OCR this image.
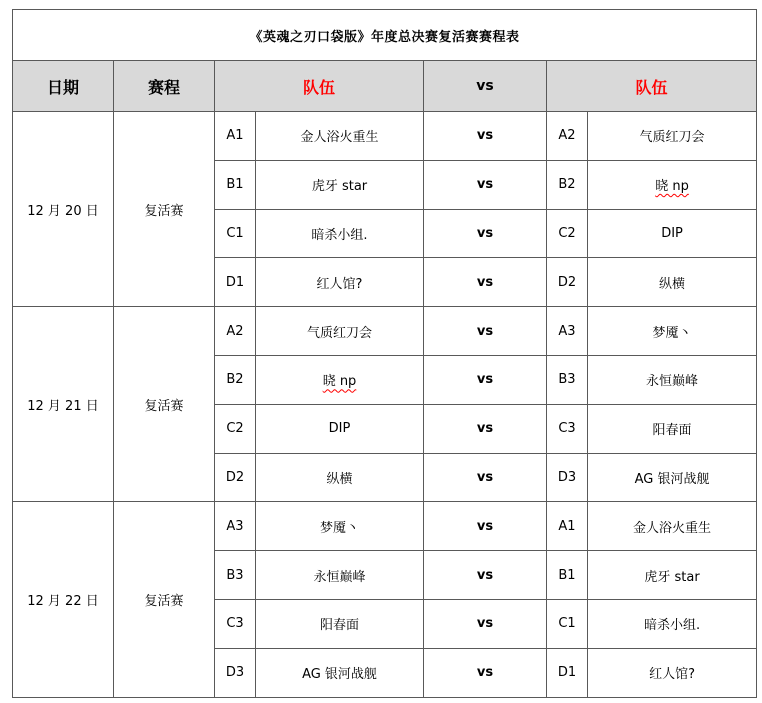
《英魂之刃口袋版》年度总决赛复活赛赛程表						
日期	赛程	队伍		vs	队伍	
12 月 20 日	复活赛	A1	金人浴火重生	vs	A2	气质红刀会
		B1	虎牙 star	vs	B2	晓 np
		C1	暗杀小组.	vs	C2	DIP
		D1	红人馆?	vs	D2	纵横
12 月 21 日	复活赛	A2	气质红刀会	vs	A3	梦魇丶
		B2	晓 np	vs	B3	永恒巅峰
		C2	DIP	vs	C3	阳春面
		D2	纵横	vs	D3	AG 银河战舰
12 月 22 日	复活赛	A3	梦魇丶	vs	A1	金人浴火重生
		B3	永恒巅峰	vs	B1	虎牙 star
		C3	阳春面	vs	C1	暗杀小组.
		D3	AG 银河战舰	vs	D1	红人馆?
